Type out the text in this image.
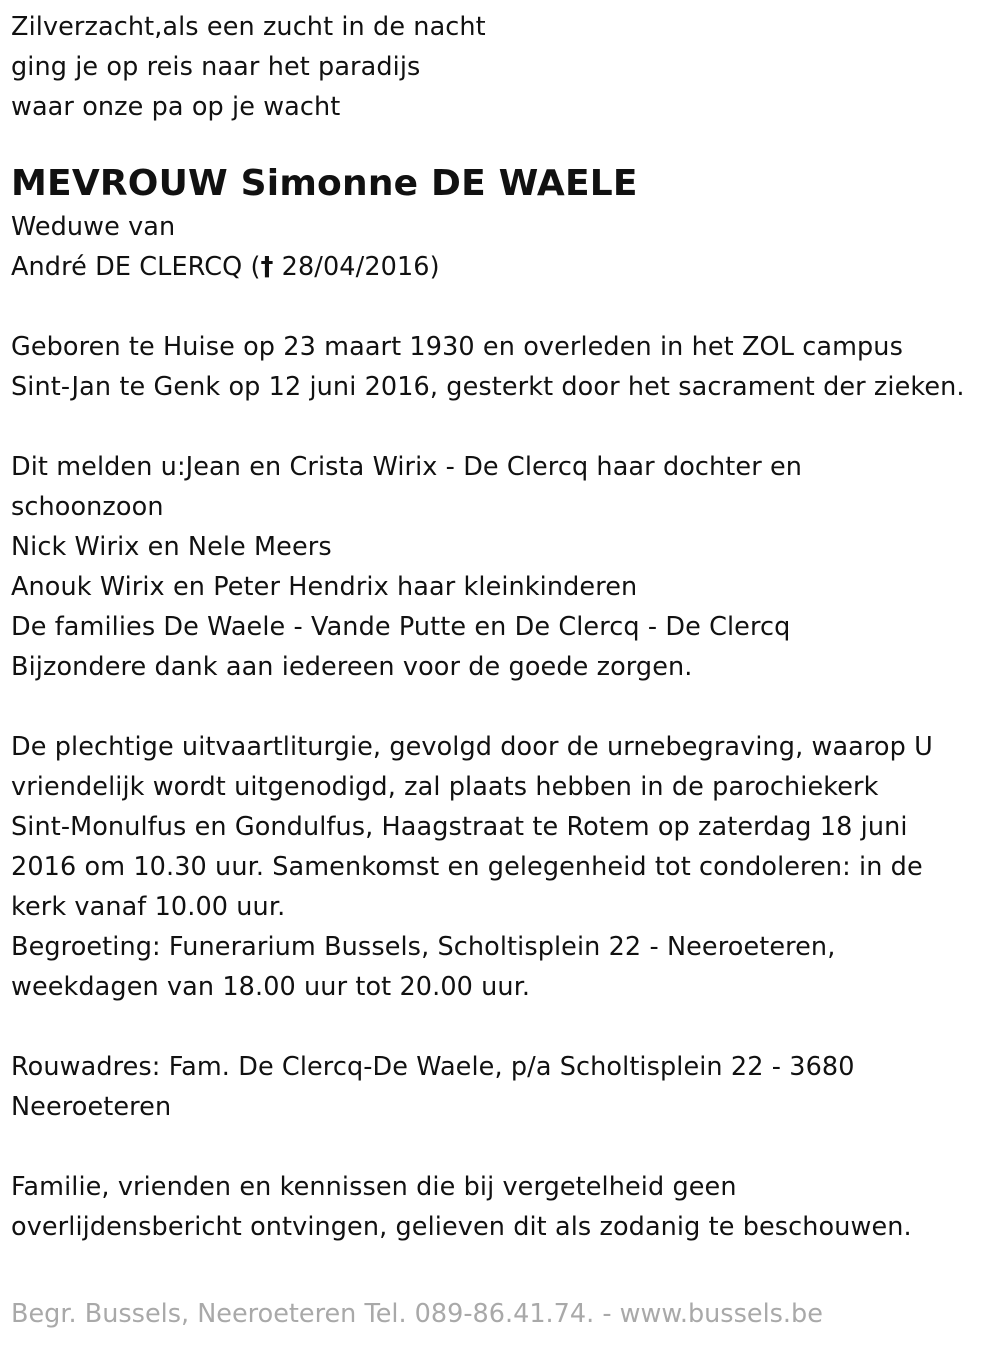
Zilverzacht,als een zucht in de nacht
ging je op reis naar het paradijs
waar onze pa op je wacht
MEVROUW Simonne DE WAELE
Weduwe van
André DE CLERCQ († 28/04/2016)
Geboren te Huise op 23 maart 1930 en overleden in het ZOL campus
Sint-Jan te Genk op 12 juni 2016, gesterkt door het sacrament der zieken.
Dit melden u:Jean en Crista Wirix - De Clercq haar dochter en
schoonzoon
Nick Wirix en Nele Meers
Anouk Wirix en Peter Hendrix haar kleinkinderen
De families De Waele - Vande Putte en De Clercq - De Clercq
Bijzondere dank aan iedereen voor de goede zorgen.
De plechtige uitvaartliturgie, gevolgd door de urnebegraving, waarop U
vriendelijk wordt uitgenodigd, zal plaats hebben in de parochiekerk
Sint-Monulfus en Gondulfus, Haagstraat te Rotem op zaterdag 18 juni
2016 om 10.30 uur. Samenkomst en gelegenheid tot condoleren: in de
kerk vanaf 10.00 uur.
Begroeting: Funerarium Bussels, Scholtisplein 22 - Neeroeteren,
weekdagen van 18.00 uur tot 20.00 uur.
Rouwadres: Fam. De Clercq-De Waele, p/a Scholtisplein 22 - 3680
Neeroeteren
Familie, vrienden en kennissen die bij vergetelheid geen
overlijdensbericht ontvingen, gelieven dit als zodanig te beschouwen.
Begr. Bussels, Neeroeteren Tel. 089-86.41.74. - www.bussels.be
